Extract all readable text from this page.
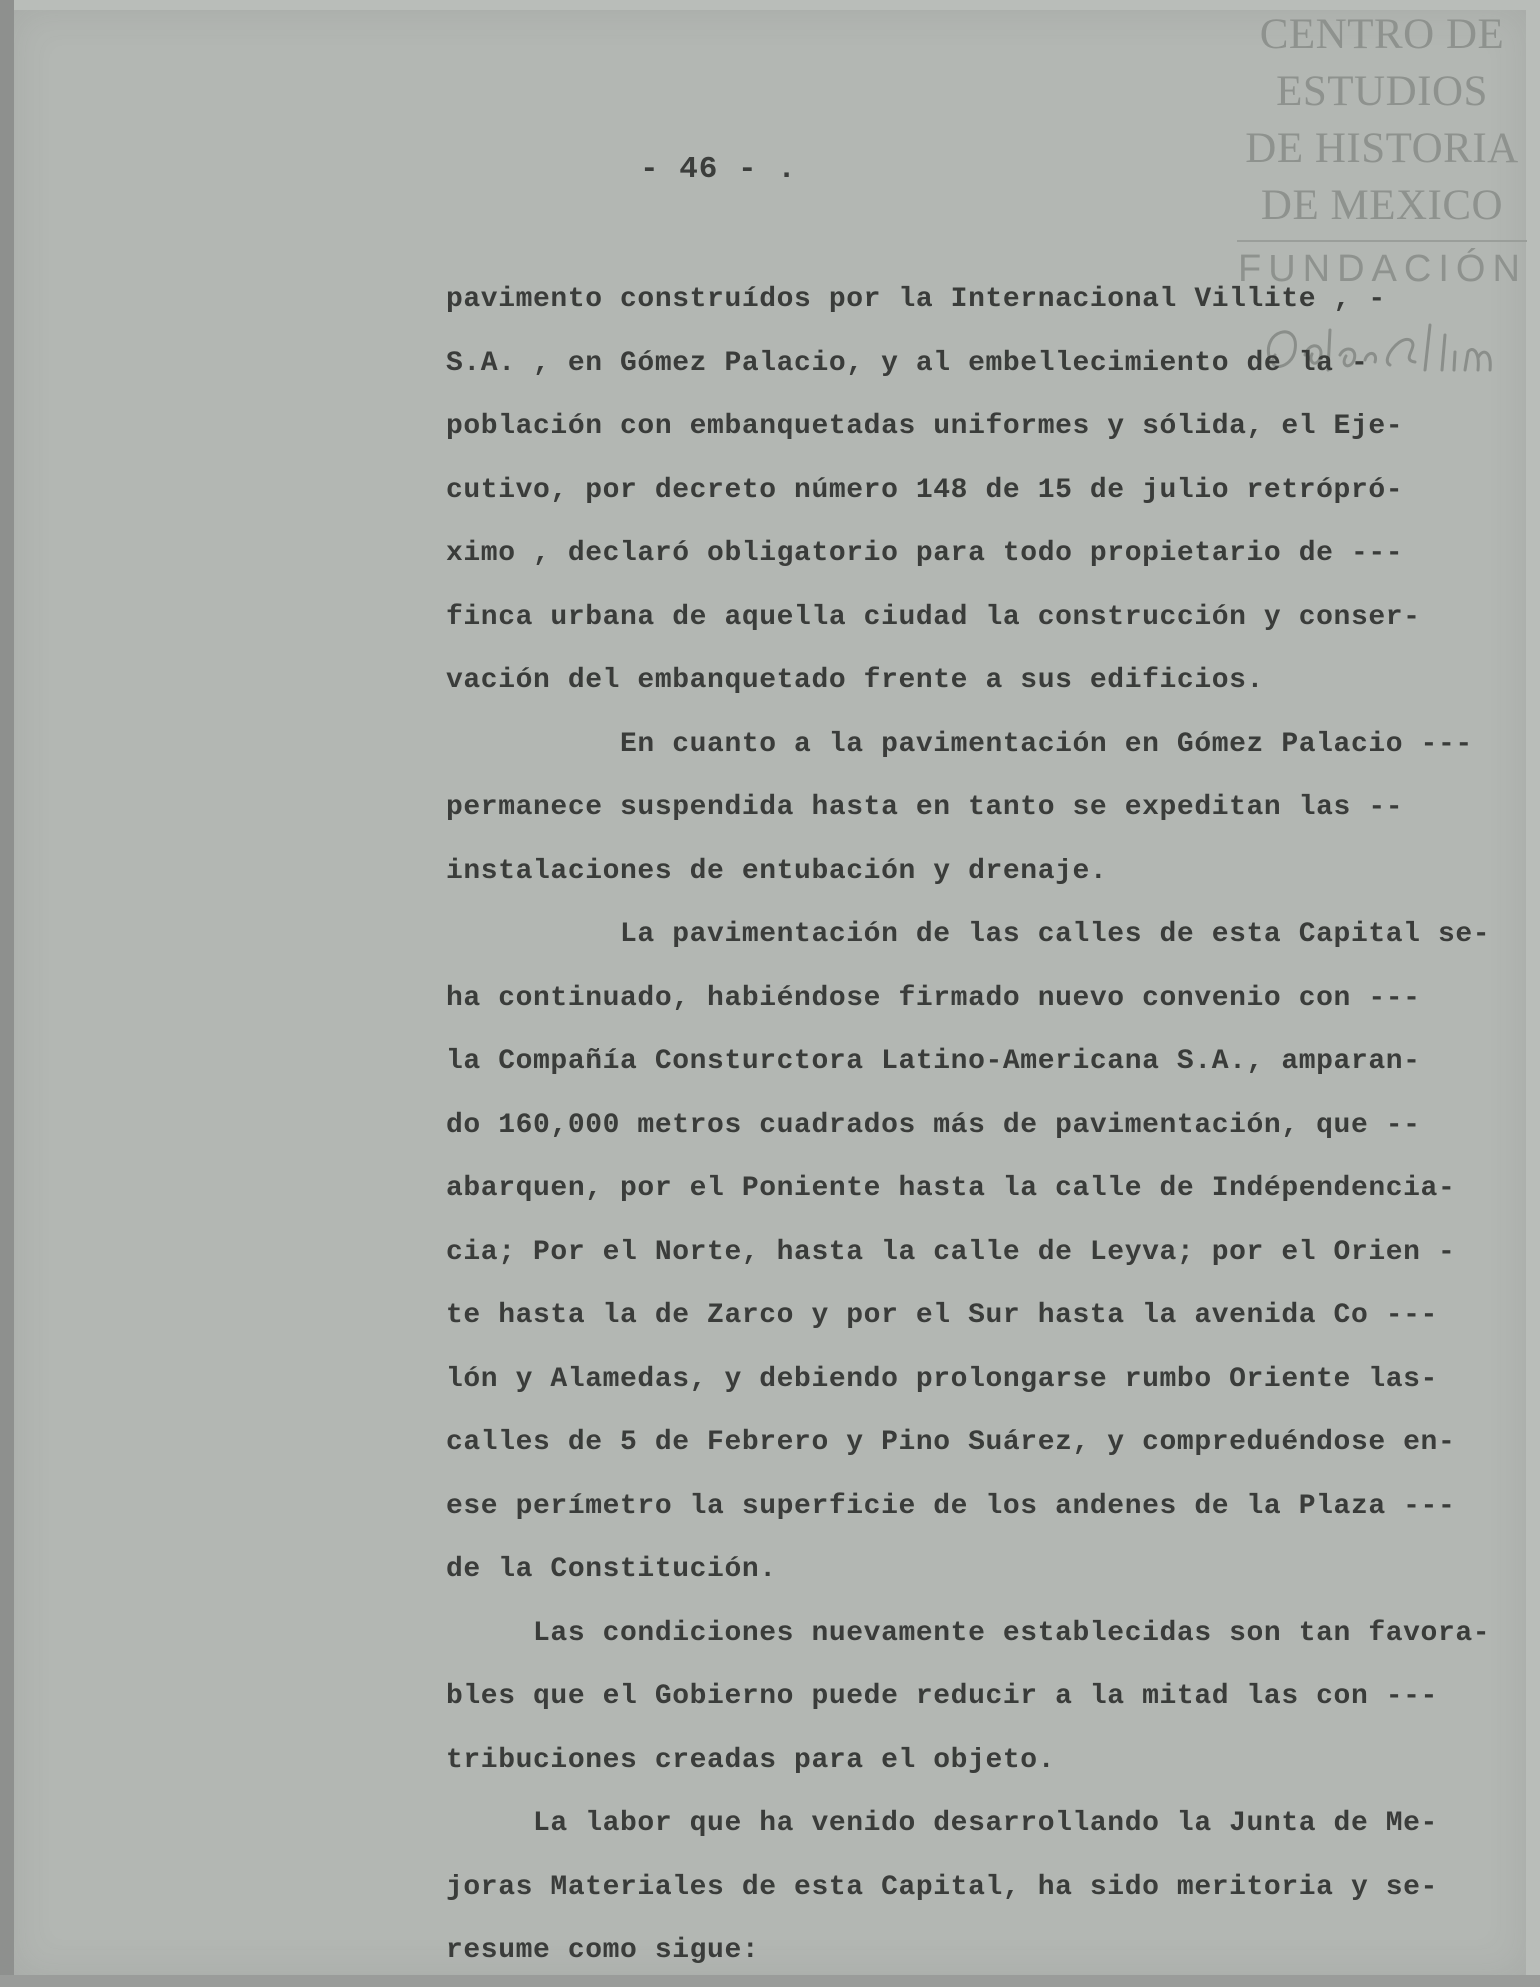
CENTRO DE
ESTUDIOS
DE HISTORIA
DE MEXICO
FUNDACIÓN
- 46 - .
pavimento construídos por la Internacional Villite , -
S.A. , en Gómez Palacio, y al embellecimiento de la -
población con embanquetadas uniformes y sólida, el Eje-
cutivo, por decreto número 148 de 15 de julio retrópró-
ximo , declaró obligatorio para todo propietario de ---
finca urbana de aquella ciudad la construcción y conser-
vación del embanquetado frente a sus edificios.
En cuanto a la pavimentación en Gómez Palacio ---
permanece suspendida hasta en tanto se expeditan las --
instalaciones de entubación y drenaje.
La pavimentación de las calles de esta Capital se-
ha continuado, habiéndose firmado nuevo convenio con ---
la Compañía Consturctora Latino-Americana S.A., amparan-
do 160,000 metros cuadrados más de pavimentación, que --
abarquen, por el Poniente hasta la calle de Indépendencia-
cia; Por el Norte, hasta la calle de Leyva; por el Orien -
te hasta la de Zarco y por el Sur hasta la avenida Co ---
lón y Alamedas, y debiendo prolongarse rumbo Oriente las-
calles de 5 de Febrero y Pino Suárez, y compreduéndose en-
ese perímetro la superficie de los andenes de la Plaza ---
de la Constitución.
Las condiciones nuevamente establecidas son tan favora-
bles que el Gobierno puede reducir a la mitad las con ---
tribuciones creadas para el objeto.
La labor que ha venido desarrollando la Junta de Me-
joras Materiales de esta Capital, ha sido meritoria y se-
resume como sigue:
